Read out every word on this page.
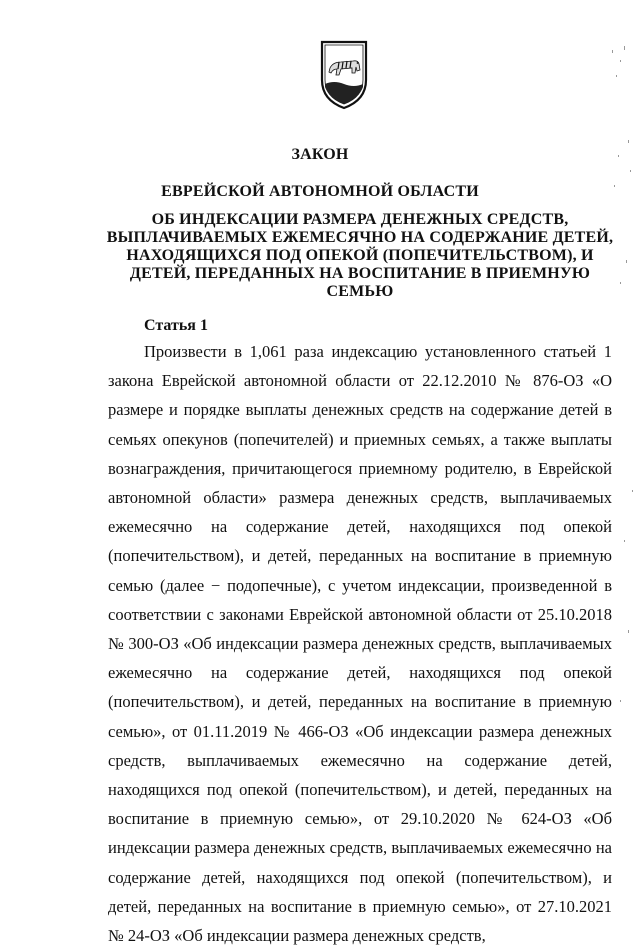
ЗАКОН
ЕВРЕЙСКОЙ АВТОНОМНОЙ ОБЛАСТИ
ОБ ИНДЕКСАЦИИ РАЗМЕРА ДЕНЕЖНЫХ СРЕДСТВ, ВЫПЛАЧИВАЕМЫХ ЕЖЕМЕСЯЧНО НА СОДЕРЖАНИЕ ДЕТЕЙ, НАХОДЯЩИХСЯ ПОД ОПЕКОЙ (ПОПЕЧИТЕЛЬСТВОМ), И ДЕТЕЙ, ПЕРЕДАННЫХ НА ВОСПИТАНИЕ В ПРИЕМНУЮ СЕМЬЮ
Статья 1

Произвести в 1,061 раза индексацию установленного статьей 1 закона Еврейской автономной области от 22.12.2010 № 876-ОЗ «О размере и порядке выплаты денежных средств на содержание детей в семьях опекунов (попечителей) и приемных семьях, а также выплаты вознаграждения, причитающегося приемному родителю, в Еврейской автономной области» размера денежных средств, выплачиваемых ежемесячно на содержание детей, находящихся под опекой (попечительством), и детей, переданных на воспитание в приемную семью (далее − подопечные), с учетом индексации, произведенной в соответствии с законами Еврейской автономной области от 25.10.2018 № 300-ОЗ «Об индексации размера денежных средств, выплачиваемых ежемесячно на содержание детей, находящихся под опекой (попечительством), и детей, переданных на воспитание в приемную семью», от 01.11.2019 № 466-ОЗ «Об индексации размера денежных средств, выплачиваемых ежемесячно на содержание детей, находящихся под опекой (попечительством), и детей, переданных на воспитание в приемную семью», от 29.10.2020 № 624-ОЗ «Об индексации размера денежных средств, выплачиваемых ежемесячно на содержание детей, находящихся под опекой (попечительством), и детей, переданных на воспитание в приемную семью», от 27.10.2021 № 24-ОЗ «Об индексации размера денежных средств,
